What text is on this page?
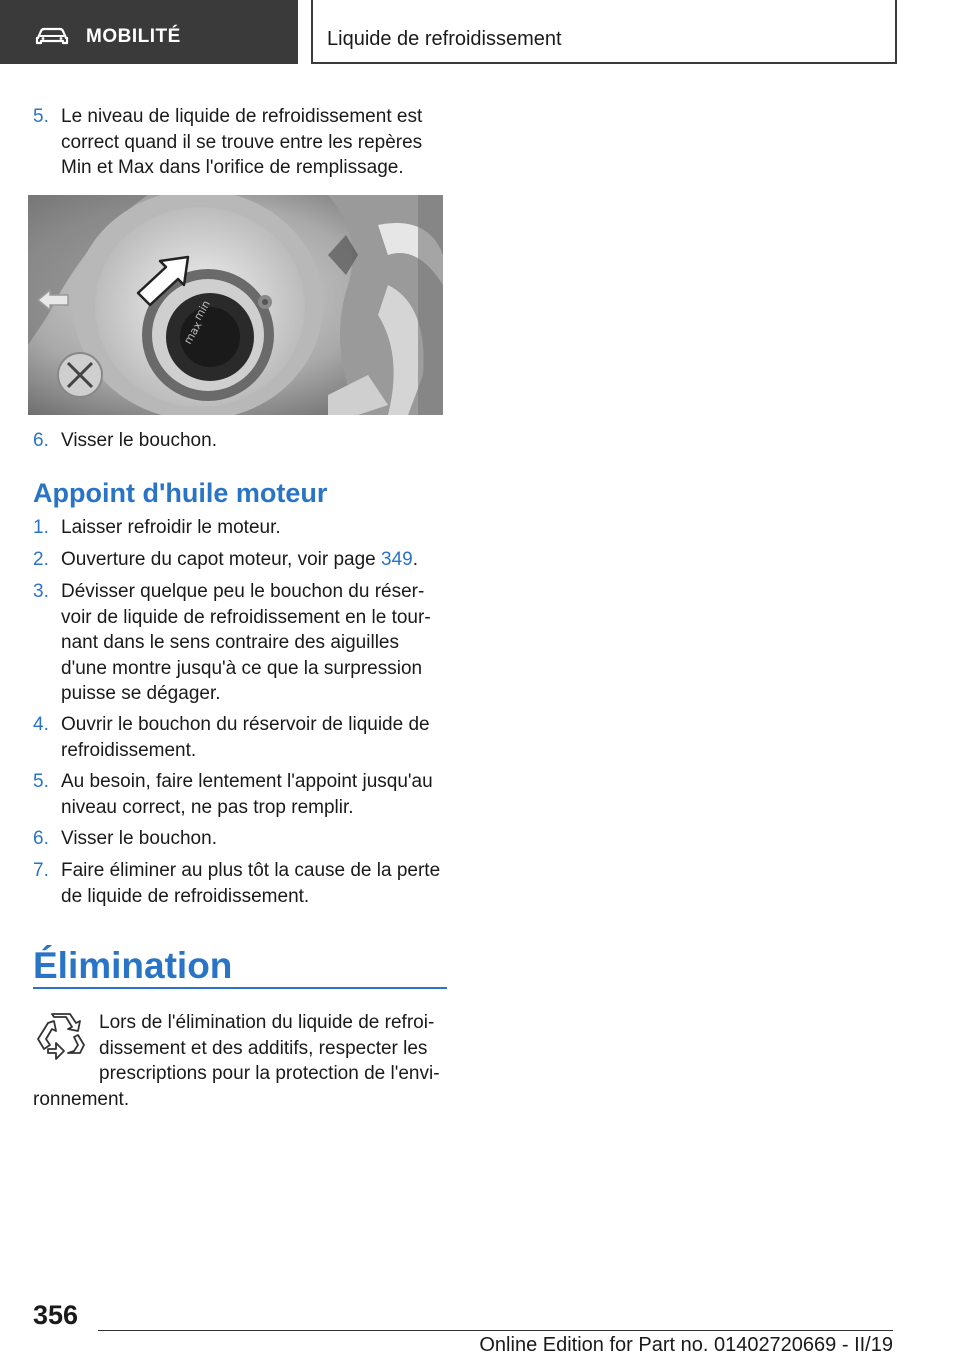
MOBILITÉ	Liquide de refroidissement
5. Le niveau de liquide de refroidissement est correct quand il se trouve entre les repères Min et Max dans l'orifice de remplissage.
min
max
6. Visser le bouchon.
Appoint d'huile moteur
1. Laisser refroidir le moteur.
2. Ouverture du capot moteur, voir page 349.
3. Dévisser quelque peu le bouchon du réservoir de liquide de refroidissement en le tournant dans le sens contraire des aiguilles d'une montre jusqu'à ce que la surpression puisse se dégager.
4. Ouvrir le bouchon du réservoir de liquide de refroidissement.
5. Au besoin, faire lentement l'appoint jusqu'au niveau correct, ne pas trop remplir.
6. Visser le bouchon.
7. Faire éliminer au plus tôt la cause de la perte de liquide de refroidissement.
Élimination
Lors de l'élimination du liquide de refroidissement et des additifs, respecter les prescriptions pour la protection de l'environnement.
356
Online Edition for Part no. 01402720669 - II/19
